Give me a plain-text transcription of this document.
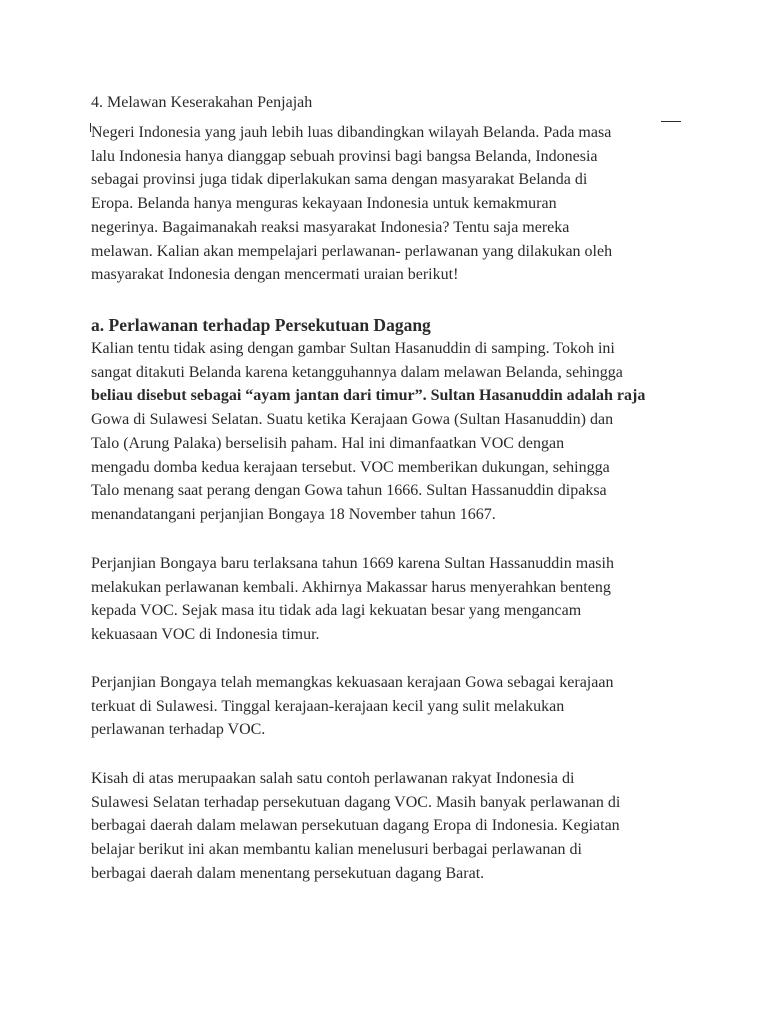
4. Melawan Keserakahan Penjajah

Negeri Indonesia yang jauh lebih luas dibandingkan wilayah Belanda. Pada masa
lalu Indonesia hanya dianggap sebuah provinsi bagi bangsa Belanda, Indonesia
sebagai provinsi juga tidak diperlakukan sama dengan masyarakat Belanda di
Eropa. Belanda hanya menguras kekayaan Indonesia untuk kemakmuran
negerinya. Bagaimanakah reaksi masyarakat Indonesia? Tentu saja mereka
melawan. Kalian akan mempelajari perlawanan- perlawanan yang dilakukan oleh
masyarakat Indonesia dengan mencermati uraian berikut!

a. Perlawanan terhadap Persekutuan Dagang

Kalian tentu tidak asing dengan gambar Sultan Hasanuddin di samping. Tokoh ini
sangat ditakuti Belanda karena ketangguhannya dalam melawan Belanda, sehingga
beliau disebut sebagai “ayam jantan dari timur”. Sultan Hasanuddin adalah raja
Gowa di Sulawesi Selatan. Suatu ketika Kerajaan Gowa (Sultan Hasanuddin) dan
Talo (Arung Palaka) berselisih paham. Hal ini dimanfaatkan VOC dengan
mengadu domba kedua kerajaan tersebut. VOC memberikan dukungan, sehingga
Talo menang saat perang dengan Gowa tahun 1666. Sultan Hassanuddin dipaksa
menandatangani perjanjian Bongaya 18 November tahun 1667.

Perjanjian Bongaya baru terlaksana tahun 1669 karena Sultan Hassanuddin masih
melakukan perlawanan kembali. Akhirnya Makassar harus menyerahkan benteng
kepada VOC. Sejak masa itu tidak ada lagi kekuatan besar yang mengancam
kekuasaan VOC di Indonesia timur.

Perjanjian Bongaya telah memangkas kekuasaan kerajaan Gowa sebagai kerajaan
terkuat di Sulawesi. Tinggal kerajaan-kerajaan kecil yang sulit melakukan
perlawanan terhadap VOC.

Kisah di atas merupaakan salah satu contoh perlawanan rakyat Indonesia di
Sulawesi Selatan terhadap persekutuan dagang VOC. Masih banyak perlawanan di
berbagai daerah dalam melawan persekutuan dagang Eropa di Indonesia. Kegiatan
belajar berikut ini akan membantu kalian menelusuri berbagai perlawanan di
berbagai daerah dalam menentang persekutuan dagang Barat.
